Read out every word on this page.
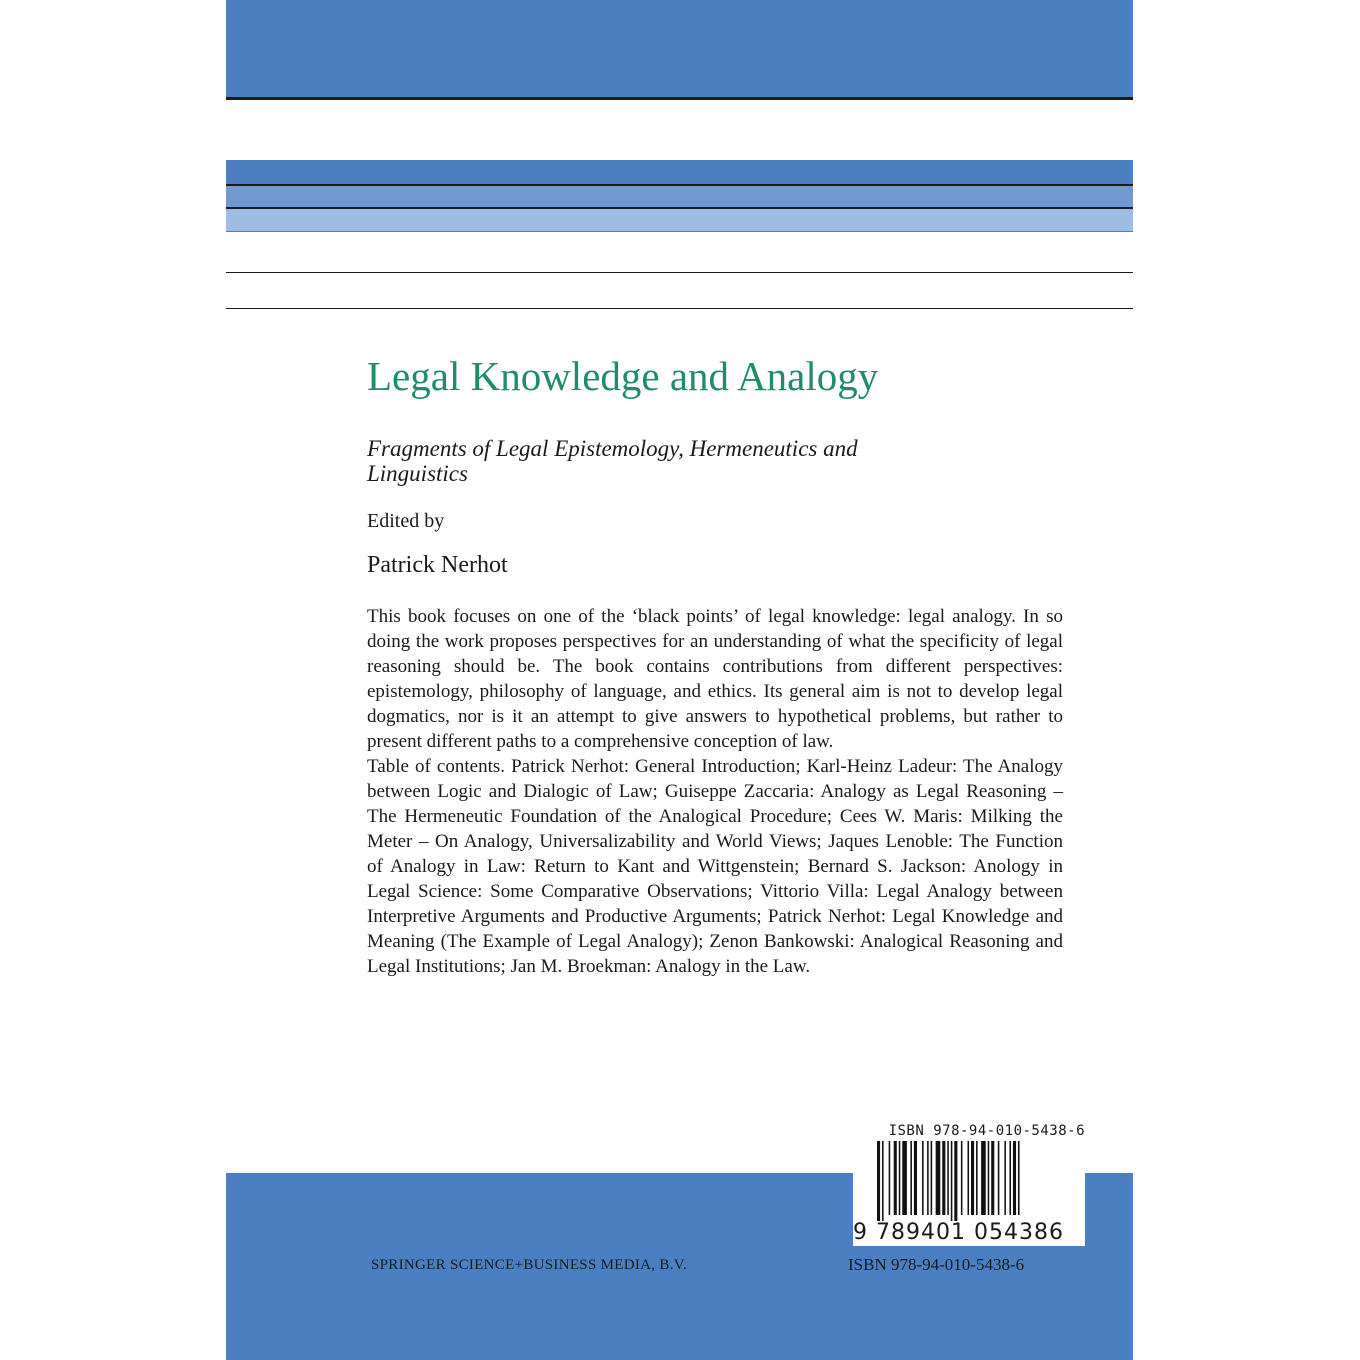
Legal Knowledge and Analogy
Fragments of Legal Epistemology, Hermeneutics and Linguistics
Edited by
Patrick Nerhot

This book focuses on one of the ‘black points’ of legal knowledge: legal analogy. In so doing the work proposes perspectives for an understanding of what the specificity of legal reasoning should be. The book contains contributions from different perspectives: epistemology, philosophy of language, and ethics. Its general aim is not to develop legal dogmatics, nor is it an attempt to give answers to hypothetical problems, but rather to present different paths to a comprehensive conception of law.

Table of contents. Patrick Nerhot: General Introduction; Karl-Heinz Ladeur: The Analogy between Logic and Dialogic of Law; Guiseppe Zaccaria: Analogy as Legal Reasoning – The Hermeneutic Foundation of the Analogical Procedure; Cees W. Maris: Milking the Meter – On Analogy, Universalizability and World Views; Jaques Lenoble: The Function of Analogy in Law: Return to Kant and Wittgenstein; Bernard S. Jackson: Anology in Legal Science: Some Comparative Observations; Vittorio Villa: Legal Analogy between Interpretive Arguments and Productive Arguments; Patrick Nerhot: Legal Knowledge and Meaning (The Example of Legal Analogy); Zenon Bankowski: Analogical Reasoning and Legal Institutions; Jan M. Broekman: Analogy in the Law.

ISBN 978-94-010-5438-6
9 789401 054386
SPRINGER SCIENCE+BUSINESS MEDIA, B.V.	ISBN 978-94-010-5438-6
